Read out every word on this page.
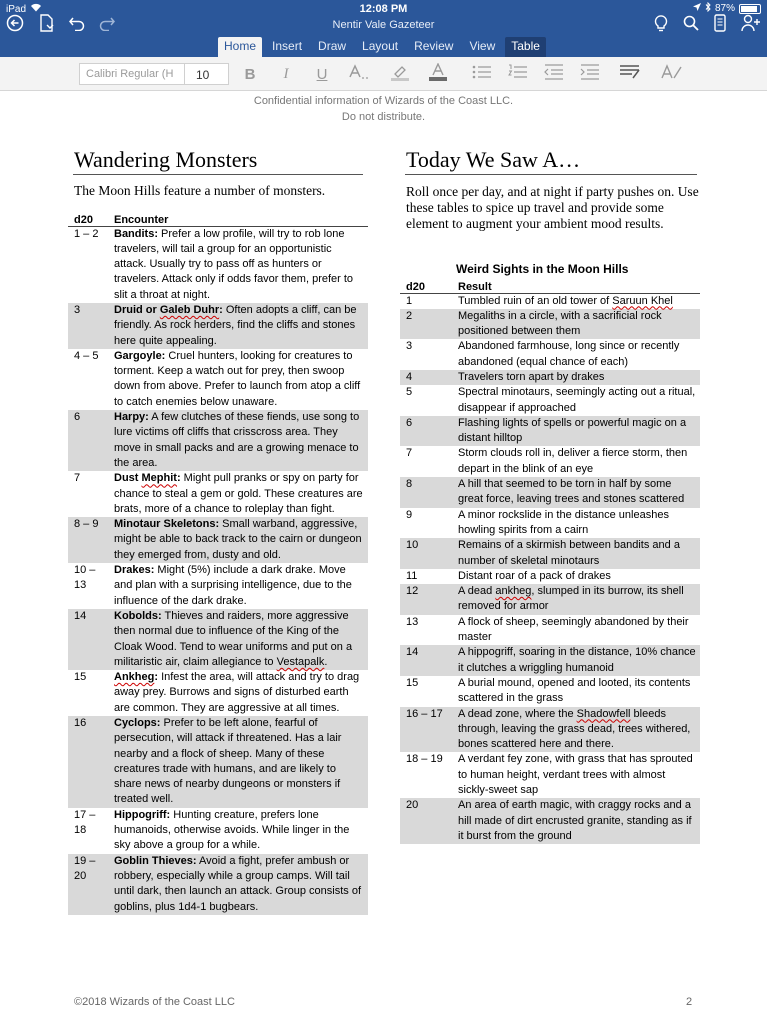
iPad	12:08 PM	87%
Nentir Vale Gazeteer
Home	Insert	Draw	Layout	Review	View	Table
Calibri Regular (H	10	B	I	U
Confidential information of Wizards of the Coast LLC.
Do not distribute.
Wandering Monsters
The Moon Hills feature a number of monsters.
d20	Encounter
1 – 2	Bandits: Prefer a low profile, will try to rob lone travelers, will tail a group for an opportunistic attack. Usually try to pass off as hunters or travelers. Attack only if odds favor them, prefer to slit a throat at night.
3	Druid or Galeb Duhr: Often adopts a cliff, can be friendly. As rock herders, find the cliffs and stones here quite appealing.
4 – 5	Gargoyle: Cruel hunters, looking for creatures to torment. Keep a watch out for prey, then swoop down from above. Prefer to launch from atop a cliff to catch enemies below unaware.
6	Harpy: A few clutches of these fiends, use song to lure victims off cliffs that crisscross area. They move in small packs and are a growing menace to the area.
7	Dust Mephit: Might pull pranks or spy on party for chance to steal a gem or gold. These creatures are brats, more of a chance to roleplay than fight.
8 – 9	Minotaur Skeletons: Small warband, aggressive, might be able to back track to the cairn or dungeon they emerged from, dusty and old.
10 – 13	Drakes: Might (5%) include a dark drake. Move and plan with a surprising intelligence, due to the influence of the dark drake.
14	Kobolds: Thieves and raiders, more aggressive then normal due to influence of the King of the Cloak Wood. Tend to wear uniforms and put on a militaristic air, claim allegiance to Vestapalk.
15	Ankheg: Infest the area, will attack and try to drag away prey. Burrows and signs of disturbed earth are common. They are aggressive at all times.
16	Cyclops: Prefer to be left alone, fearful of persecution, will attack if threatened. Has a lair nearby and a flock of sheep. Many of these creatures trade with humans, and are likely to share news of nearby dungeons or monsters if treated well.
17 – 18	Hippogriff: Hunting creature, prefers lone humanoids, otherwise avoids. While linger in the sky above a group for a while.
19 – 20	Goblin Thieves: Avoid a fight, prefer ambush or robbery, especially while a group camps. Will tail until dark, then launch an attack. Group consists of goblins, plus 1d4-1 bugbears.
Today We Saw A…
Roll once per day, and at night if party pushes on. Use these tables to spice up travel and provide some element to augment your ambient mood results.
Weird Sights in the Moon Hills
d20	Result
1	Tumbled ruin of an old tower of Saruun Khel
2	Megaliths in a circle, with a sacrificial rock positioned between them
3	Abandoned farmhouse, long since or recently abandoned (equal chance of each)
4	Travelers torn apart by drakes
5	Spectral minotaurs, seemingly acting out a ritual, disappear if approached
6	Flashing lights of spells or powerful magic on a distant hilltop
7	Storm clouds roll in, deliver a fierce storm, then depart in the blink of an eye
8	A hill that seemed to be torn in half by some great force, leaving trees and stones scattered
9	A minor rockslide in the distance unleashes howling spirits from a cairn
10	Remains of a skirmish between bandits and a number of skeletal minotaurs
11	Distant roar of a pack of drakes
12	A dead ankheg, slumped in its burrow, its shell removed for armor
13	A flock of sheep, seemingly abandoned by their master
14	A hippogriff, soaring in the distance, 10% chance it clutches a wriggling humanoid
15	A burial mound, opened and looted, its contents scattered in the grass
16 – 17	A dead zone, where the Shadowfell bleeds through, leaving the grass dead, trees withered, bones scattered here and there.
18 – 19	A verdant fey zone, with grass that has sprouted to human height, verdant trees with almost sickly-sweet sap
20	An area of earth magic, with craggy rocks and a hill made of dirt encrusted granite, standing as if it burst from the ground
©2018 Wizards of the Coast LLC	2
